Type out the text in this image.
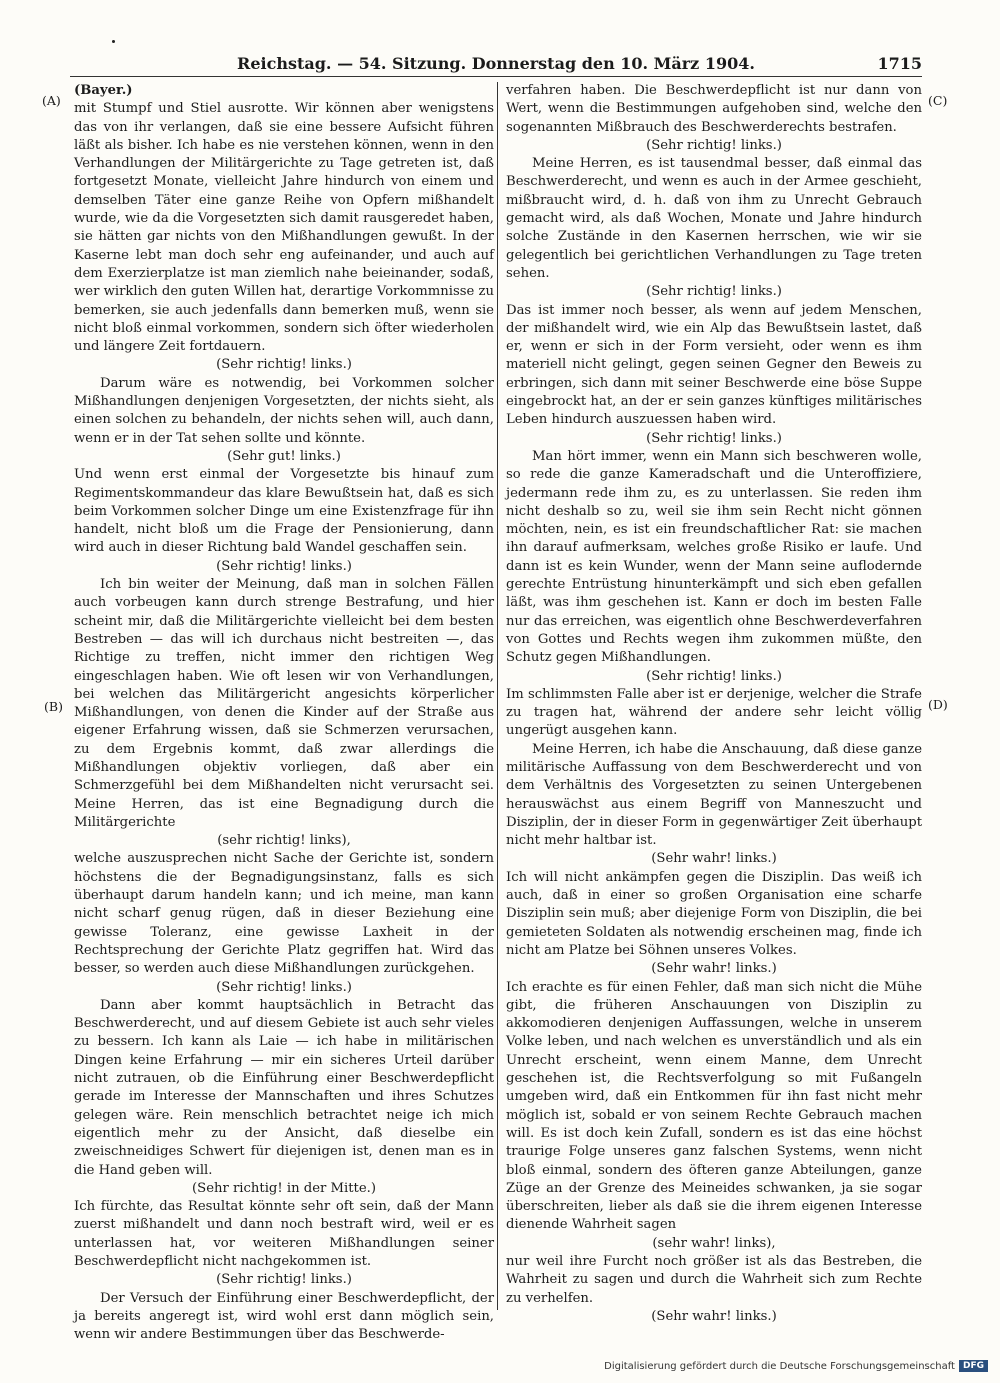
Reichstag. — 54. Sitzung. Donnerstag den 10. März 1904.	1715
(A)
(B)
(C)
(D)
(Bayer.)

mit Stumpf und Stiel ausrotte. Wir können aber wenigstens das von ihr verlangen, daß sie eine bessere Aufsicht führen läßt als bisher. Ich habe es nie verstehen können, wenn in den Verhandlungen der Militärgerichte zu Tage getreten ist, daß fortgesetzt Monate, vielleicht Jahre hindurch von einem und demselben Täter eine ganze Reihe von Opfern mißhandelt wurde, wie da die Vorgesetzten sich damit rausgeredet haben, sie hätten gar nichts von den Mißhandlungen gewußt. In der Kaserne lebt man doch sehr eng aufeinander, und auch auf dem Exerzierplatze ist man ziemlich nahe beieinander, sodaß, wer wirklich den guten Willen hat, derartige Vorkommnisse zu bemerken, sie auch jedenfalls dann bemerken muß, wenn sie nicht bloß einmal vorkommen, sondern sich öfter wiederholen und längere Zeit fortdauern.

(Sehr richtig! links.)

Darum wäre es notwendig, bei Vorkommen solcher Mißhandlungen denjenigen Vorgesetzten, der nichts sieht, als einen solchen zu behandeln, der nichts sehen will, auch dann, wenn er in der Tat sehen sollte und könnte.

(Sehr gut! links.)

Und wenn erst einmal der Vorgesetzte bis hinauf zum Regimentskommandeur das klare Bewußtsein hat, daß es sich beim Vorkommen solcher Dinge um eine Existenzfrage für ihn handelt, nicht bloß um die Frage der Pensionierung, dann wird auch in dieser Richtung bald Wandel geschaffen sein.

(Sehr richtig! links.)

Ich bin weiter der Meinung, daß man in solchen Fällen auch vorbeugen kann durch strenge Bestrafung, und hier scheint mir, daß die Militärgerichte vielleicht bei dem besten Bestreben — das will ich durchaus nicht bestreiten —, das Richtige zu treffen, nicht immer den richtigen Weg eingeschlagen haben. Wie oft lesen wir von Verhandlungen, bei welchen das Militärgericht angesichts körperlicher Mißhandlungen, von denen die Kinder auf der Straße aus eigener Erfahrung wissen, daß sie Schmerzen verursachen, zu dem Ergebnis kommt, daß zwar allerdings die Mißhandlungen objektiv vorliegen, daß aber ein Schmerzgefühl bei dem Mißhandelten nicht verursacht sei. Meine Herren, das ist eine Begnadigung durch die Militärgerichte

(sehr richtig! links),

welche auszusprechen nicht Sache der Gerichte ist, sondern höchstens die der Begnadigungsinstanz, falls es sich überhaupt darum handeln kann; und ich meine, man kann nicht scharf genug rügen, daß in dieser Beziehung eine gewisse Toleranz, eine gewisse Laxheit in der Rechtsprechung der Gerichte Platz gegriffen hat. Wird das besser, so werden auch diese Mißhandlungen zurückgehen.

(Sehr richtig! links.)

Dann aber kommt hauptsächlich in Betracht das Beschwerderecht, und auf diesem Gebiete ist auch sehr vieles zu bessern. Ich kann als Laie — ich habe in militärischen Dingen keine Erfahrung — mir ein sicheres Urteil darüber nicht zutrauen, ob die Einführung einer Beschwerdepflicht gerade im Interesse der Mannschaften und ihres Schutzes gelegen wäre. Rein menschlich betrachtet neige ich mich eigentlich mehr zu der Ansicht, daß dieselbe ein zweischneidiges Schwert für diejenigen ist, denen man es in die Hand geben will.

(Sehr richtig! in der Mitte.)

Ich fürchte, das Resultat könnte sehr oft sein, daß der Mann zuerst mißhandelt und dann noch bestraft wird, weil er es unterlassen hat, vor weiteren Mißhandlungen seiner Beschwerdepflicht nicht nachgekommen ist.

(Sehr richtig! links.)

Der Versuch der Einführung einer Beschwerdepflicht, der ja bereits angeregt ist, wird wohl erst dann möglich sein, wenn wir andere Bestimmungen über das Beschwerde-

verfahren haben. Die Beschwerdepflicht ist nur dann von Wert, wenn die Bestimmungen aufgehoben sind, welche den sogenannten Mißbrauch des Beschwerderechts bestrafen.

(Sehr richtig! links.)

Meine Herren, es ist tausendmal besser, daß einmal das Beschwerderecht, und wenn es auch in der Armee geschieht, mißbraucht wird, d. h. daß von ihm zu Unrecht Gebrauch gemacht wird, als daß Wochen, Monate und Jahre hindurch solche Zustände in den Kasernen herrschen, wie wir sie gelegentlich bei gerichtlichen Verhandlungen zu Tage treten sehen.

(Sehr richtig! links.)

Das ist immer noch besser, als wenn auf jedem Menschen, der mißhandelt wird, wie ein Alp das Bewußtsein lastet, daß er, wenn er sich in der Form versieht, oder wenn es ihm materiell nicht gelingt, gegen seinen Gegner den Beweis zu erbringen, sich dann mit seiner Beschwerde eine böse Suppe eingebrockt hat, an der er sein ganzes künftiges militärisches Leben hindurch auszuessen haben wird.

(Sehr richtig! links.)

Man hört immer, wenn ein Mann sich beschweren wolle, so rede die ganze Kameradschaft und die Unteroffiziere, jedermann rede ihm zu, es zu unterlassen. Sie reden ihm nicht deshalb so zu, weil sie ihm sein Recht nicht gönnen möchten, nein, es ist ein freundschaftlicher Rat: sie machen ihn darauf aufmerksam, welches große Risiko er laufe. Und dann ist es kein Wunder, wenn der Mann seine auflodernde gerechte Entrüstung hinunterkämpft und sich eben gefallen läßt, was ihm geschehen ist. Kann er doch im besten Falle nur das erreichen, was eigentlich ohne Beschwerdeverfahren von Gottes und Rechts wegen ihm zukommen müßte, den Schutz gegen Mißhandlungen.

(Sehr richtig! links.)

Im schlimmsten Falle aber ist er derjenige, welcher die Strafe zu tragen hat, während der andere sehr leicht völlig ungerügt ausgehen kann.

Meine Herren, ich habe die Anschauung, daß diese ganze militärische Auffassung von dem Beschwerderecht und von dem Verhältnis des Vorgesetzten zu seinen Untergebenen herauswächst aus einem Begriff von Manneszucht und Disziplin, der in dieser Form in gegenwärtiger Zeit überhaupt nicht mehr haltbar ist.

(Sehr wahr! links.)

Ich will nicht ankämpfen gegen die Disziplin. Das weiß ich auch, daß in einer so großen Organisation eine scharfe Disziplin sein muß; aber diejenige Form von Disziplin, die bei gemieteten Soldaten als notwendig erscheinen mag, finde ich nicht am Platze bei Söhnen unseres Volkes.

(Sehr wahr! links.)

Ich erachte es für einen Fehler, daß man sich nicht die Mühe gibt, die früheren Anschauungen von Disziplin zu akkomodieren denjenigen Auffassungen, welche in unserem Volke leben, und nach welchen es unverständlich und als ein Unrecht erscheint, wenn einem Manne, dem Unrecht geschehen ist, die Rechtsverfolgung so mit Fußangeln umgeben wird, daß ein Entkommen für ihn fast nicht mehr möglich ist, sobald er von seinem Rechte Gebrauch machen will. Es ist doch kein Zufall, sondern es ist das eine höchst traurige Folge unseres ganz falschen Systems, wenn nicht bloß einmal, sondern des öfteren ganze Abteilungen, ganze Züge an der Grenze des Meineides schwanken, ja sie sogar überschreiten, lieber als daß sie die ihrem eigenen Interesse dienende Wahrheit sagen

(sehr wahr! links),

nur weil ihre Furcht noch größer ist als das Bestreben, die Wahrheit zu sagen und durch die Wahrheit sich zum Rechte zu verhelfen.

(Sehr wahr! links.)
Digitalisierung gefördert durch die Deutsche Forschungsgemeinschaft DFG
